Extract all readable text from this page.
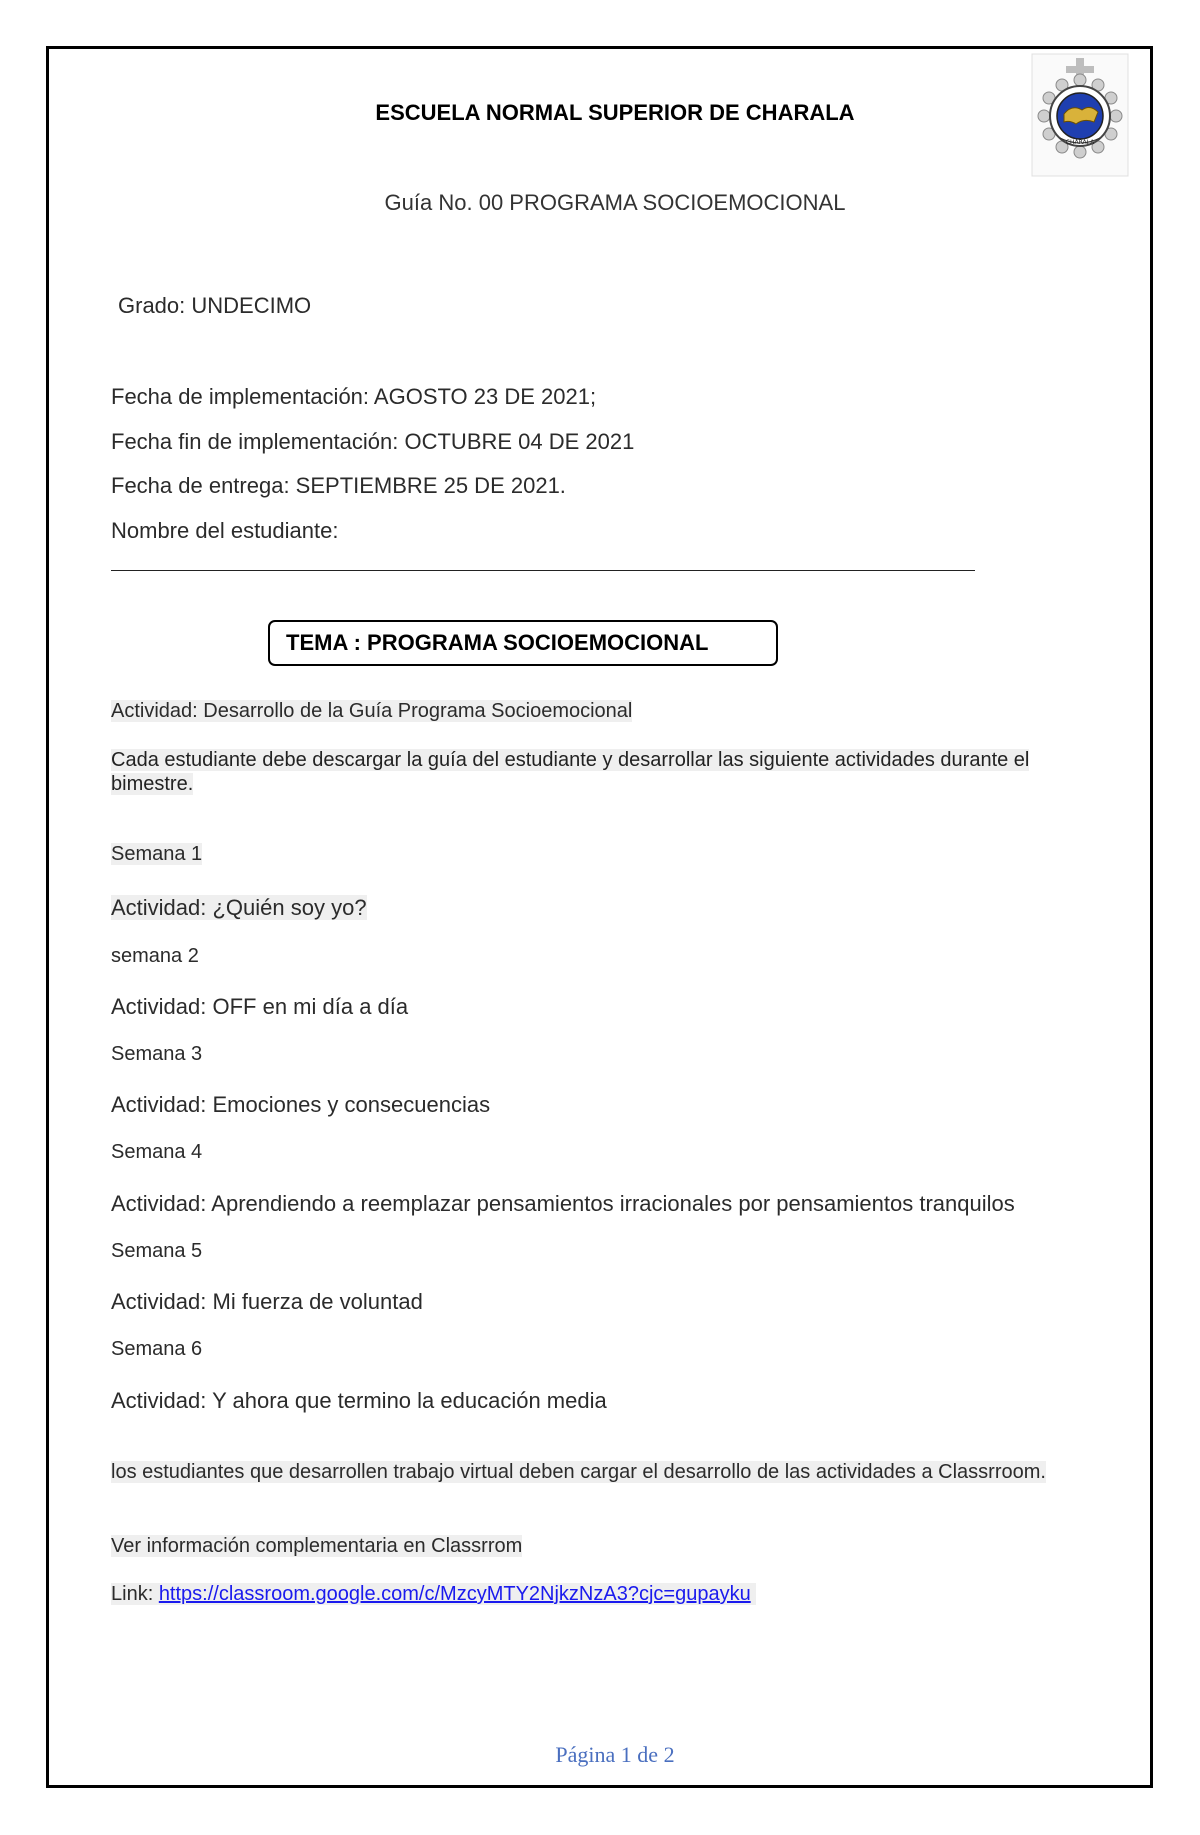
CHARALA
ESCUELA NORMAL SUPERIOR DE CHARALA
Guía No. 00 PROGRAMA SOCIOEMOCIONAL
Grado: UNDECIMO
Fecha de implementación: AGOSTO 23 DE 2021;
Fecha fin de implementación: OCTUBRE 04 DE 2021
Fecha de entrega: SEPTIEMBRE 25 DE 2021.
Nombre del estudiante:
TEMA : PROGRAMA SOCIOEMOCIONAL
Actividad: Desarrollo de la Guía Programa Socioemocional
Cada estudiante debe descargar la guía del estudiante y desarrollar las siguiente actividades durante el bimestre.
Semana 1
Actividad: ¿Quién soy yo?
semana 2
Actividad: OFF en mi día a día
Semana 3
Actividad: Emociones y consecuencias
Semana 4
Actividad: Aprendiendo a reemplazar pensamientos irracionales por pensamientos tranquilos
Semana 5
Actividad: Mi fuerza de voluntad
Semana 6
Actividad: Y ahora que termino la educación media
los estudiantes que desarrollen trabajo virtual deben cargar el desarrollo de las actividades a Classrroom.
Ver información complementaria en Classrrom
Link: https://classroom.google.com/c/MzcyMTY2NjkzNzA3?cjc=gupayku
Página 1 de 2
